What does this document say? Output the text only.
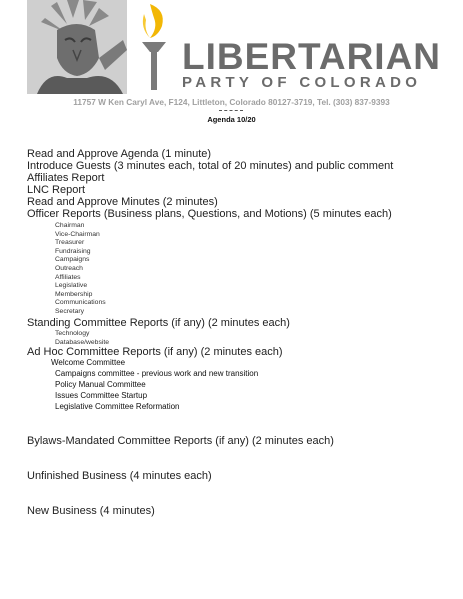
LIBERTARIAN
PARTY OF COLORADO
11757 W Ken Caryl Ave, F124, Littleton, Colorado 80127-3719, Tel. (303) 837-9393
Agenda 10/20
Read and Approve Agenda (1 minute)
Introduce Guests (3 minutes each, total of 20 minutes) and public comment
Affiliates Report
LNC Report
Read and Approve Minutes (2 minutes)
Officer Reports (Business plans, Questions, and Motions) (5 minutes each)
Chairman
Vice-Chairman
Treasurer
Fundraising
Campaigns
Outreach
Affiliates
Legislative
Membership
Communications
Secretary
Standing Committee Reports (if any) (2 minutes each)
Technology
Database/website
Ad Hoc Committee Reports (if any) (2 minutes each)
Welcome Committee
Campaigns committee - previous work and new transition
Policy Manual Committee
Issues Committee Startup
Legislative Committee Reformation
Bylaws-Mandated Committee Reports (if any) (2 minutes each)
Unfinished Business (4 minutes each)
New Business (4 minutes)
